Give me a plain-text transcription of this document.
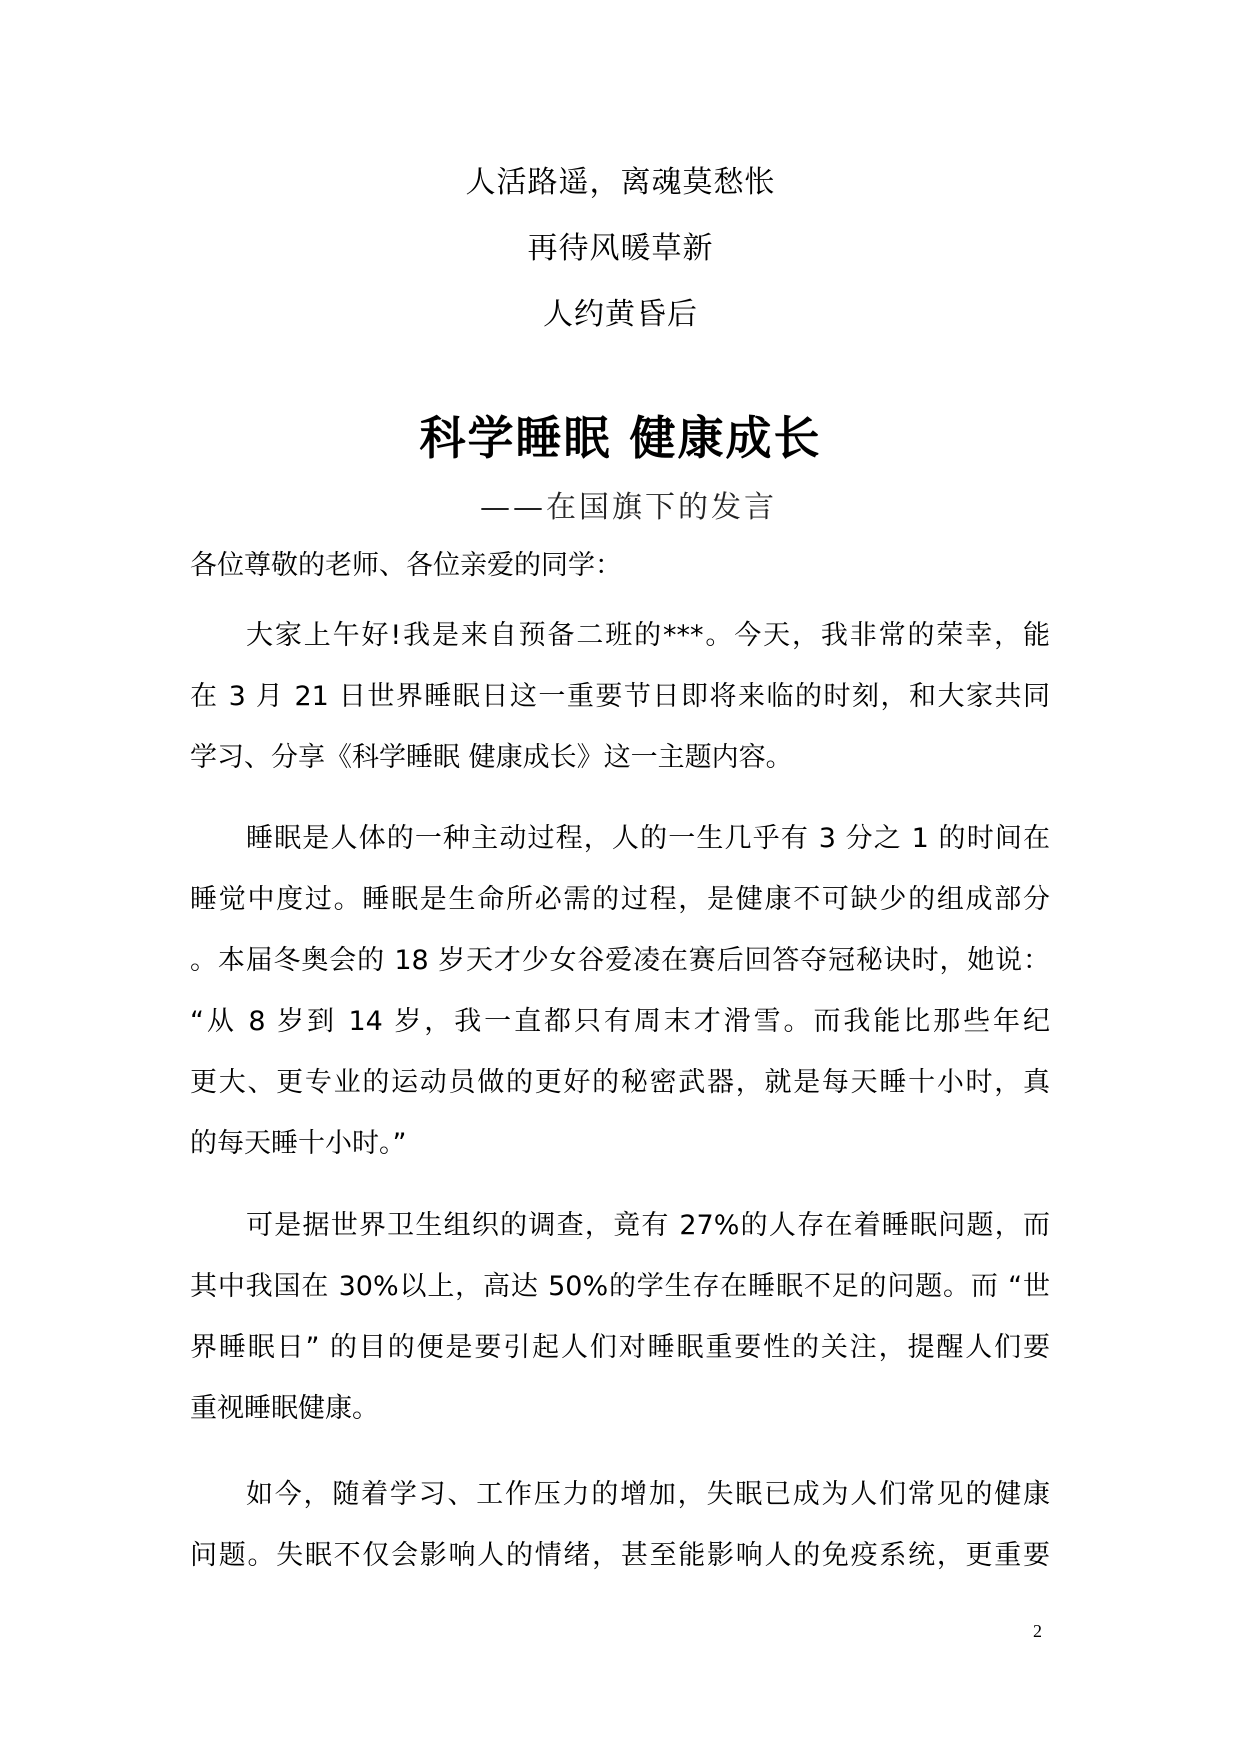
人活路遥，离魂莫愁怅
再待风暖草新
人约黄昏后
科学睡眠 健康成长
——在国旗下的发言
各位尊敬的老师、各位亲爱的同学：
大家上午好!我是来自预备二班的***。今天，我非常的荣幸，能
在 3 月 21 日世界睡眠日这一重要节日即将来临的时刻，和大家共同
学习、分享《科学睡眠 健康成长》这一主题内容。
睡眠是人体的一种主动过程，人的一生几乎有 3 分之 1 的时间在
睡觉中度过。睡眠是生命所必需的过程，是健康不可缺少的组成部分
。本届冬奥会的 18 岁天才少女谷爱凌在赛后回答夺冠秘诀时，她说：
“从 8 岁到 14 岁，我一直都只有周末才滑雪。而我能比那些年纪
更大、更专业的运动员做的更好的秘密武器，就是每天睡十小时，真
的每天睡十小时。”
可是据世界卫生组织的调查，竟有 27%的人存在着睡眠问题，而
其中我国在 30%以上，高达 50%的学生存在睡眠不足的问题。而 “世
界睡眠日” 的目的便是要引起人们对睡眠重要性的关注，提醒人们要
重视睡眠健康。
如今，随着学习、工作压力的增加，失眠已成为人们常见的健康
问题。失眠不仅会影响人的情绪，甚至能影响人的免疫系统，更重要
2
